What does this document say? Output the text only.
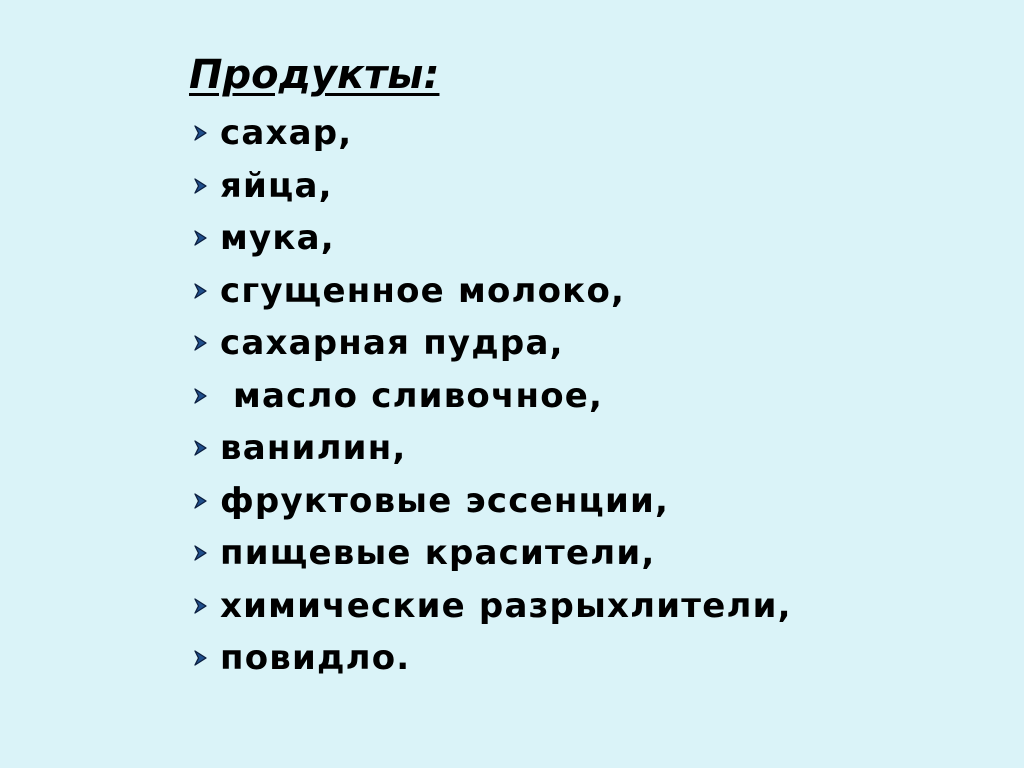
Продукты:
сахар,
яйца,
мука,
сгущенное молоко,
сахарная пудра,
масло сливочное,
ванилин,
фруктовые эссенции,
пищевые красители,
химические разрыхлители,
повидло.
